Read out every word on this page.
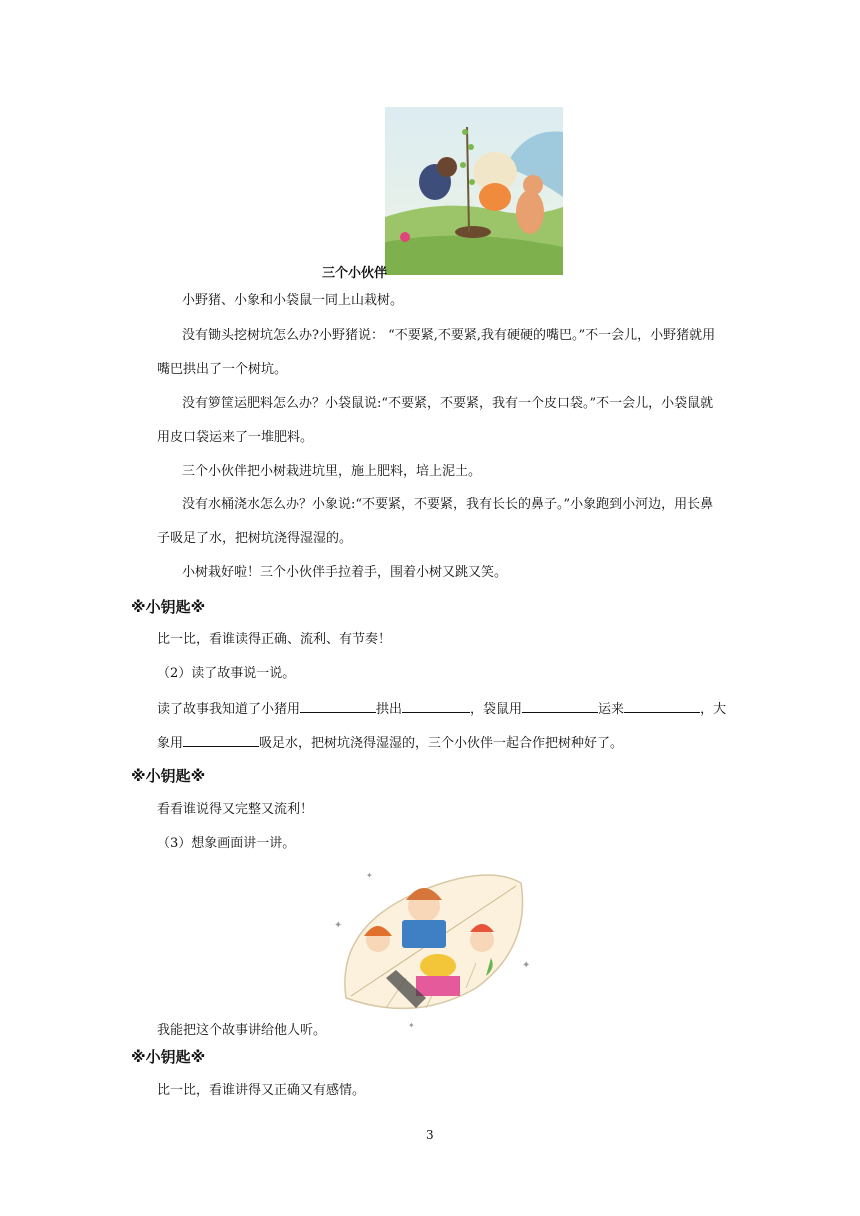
三个小伙伴
小野猪、小象和小袋鼠一同上山栽树。
没有锄头挖树坑怎么办?小野猪说： “不要紧,不要紧,我有硬硬的嘴巴。”不一会儿，小野猪就用
嘴巴拱出了一个树坑。
没有箩筐运肥料怎么办？小袋鼠说:“不要紧，不要紧，我有一个皮口袋。”不一会儿，小袋鼠就
用皮口袋运来了一堆肥料。
三个小伙伴把小树栽进坑里，施上肥料，培上泥土。
没有水桶浇水怎么办？小象说:“不要紧，不要紧，我有长长的鼻子。”小象跑到小河边，用长鼻
子吸足了水，把树坑浇得湿湿的。
小树栽好啦！三个小伙伴手拉着手，围着小树又跳又笑。
※小钥匙※
比一比，看谁读得正确、流利、有节奏！
（2）读了故事说一说。
读了故事我知道了小猪用	拱出	，袋鼠用	运来	，大
象用	吸足水，把树坑浇得湿湿的，三个小伙伴一起合作把树种好了。
※小钥匙※
看看谁说得又完整又流利！
（3）想象画面讲一讲。
✦
✦
✦
✦
我能把这个故事讲给他人听。
※小钥匙※
比一比，看谁讲得又正确又有感情。
3
